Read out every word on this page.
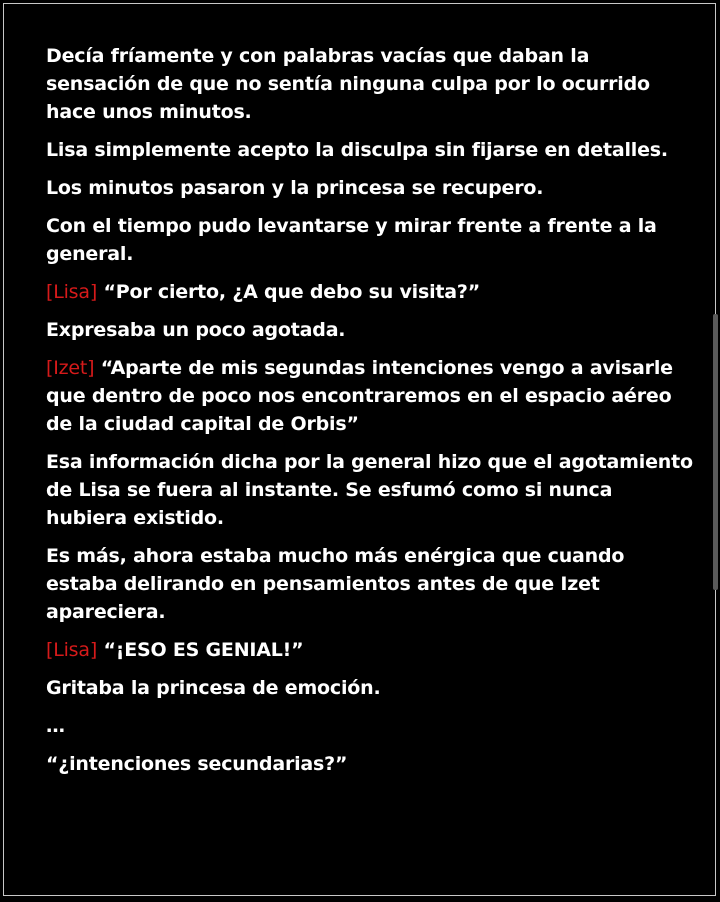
Decía fríamente y con palabras vacías que daban la sensación de que no sentía ninguna culpa por lo ocurrido hace unos minutos.

Lisa simplemente acepto la disculpa sin fijarse en detalles.

Los minutos pasaron y la princesa se recupero.

Con el tiempo pudo levantarse y mirar frente a frente a la general.

[Lisa] “Por cierto, ¿A que debo su visita?”

Expresaba un poco agotada.

[Izet] “Aparte de mis segundas intenciones vengo a avisarle que dentro de poco nos encontraremos en el espacio aéreo de la ciudad capital de Orbis”

Esa información dicha por la general hizo que el agotamiento de Lisa se fuera al instante. Se esfumó como si nunca hubiera existido.

Es más, ahora estaba mucho más enérgica que cuando estaba delirando en pensamientos antes de que Izet apareciera.

[Lisa] “¡ESO ES GENIAL!”

Gritaba la princesa de emoción.

…

“¿intenciones secundarias?”
